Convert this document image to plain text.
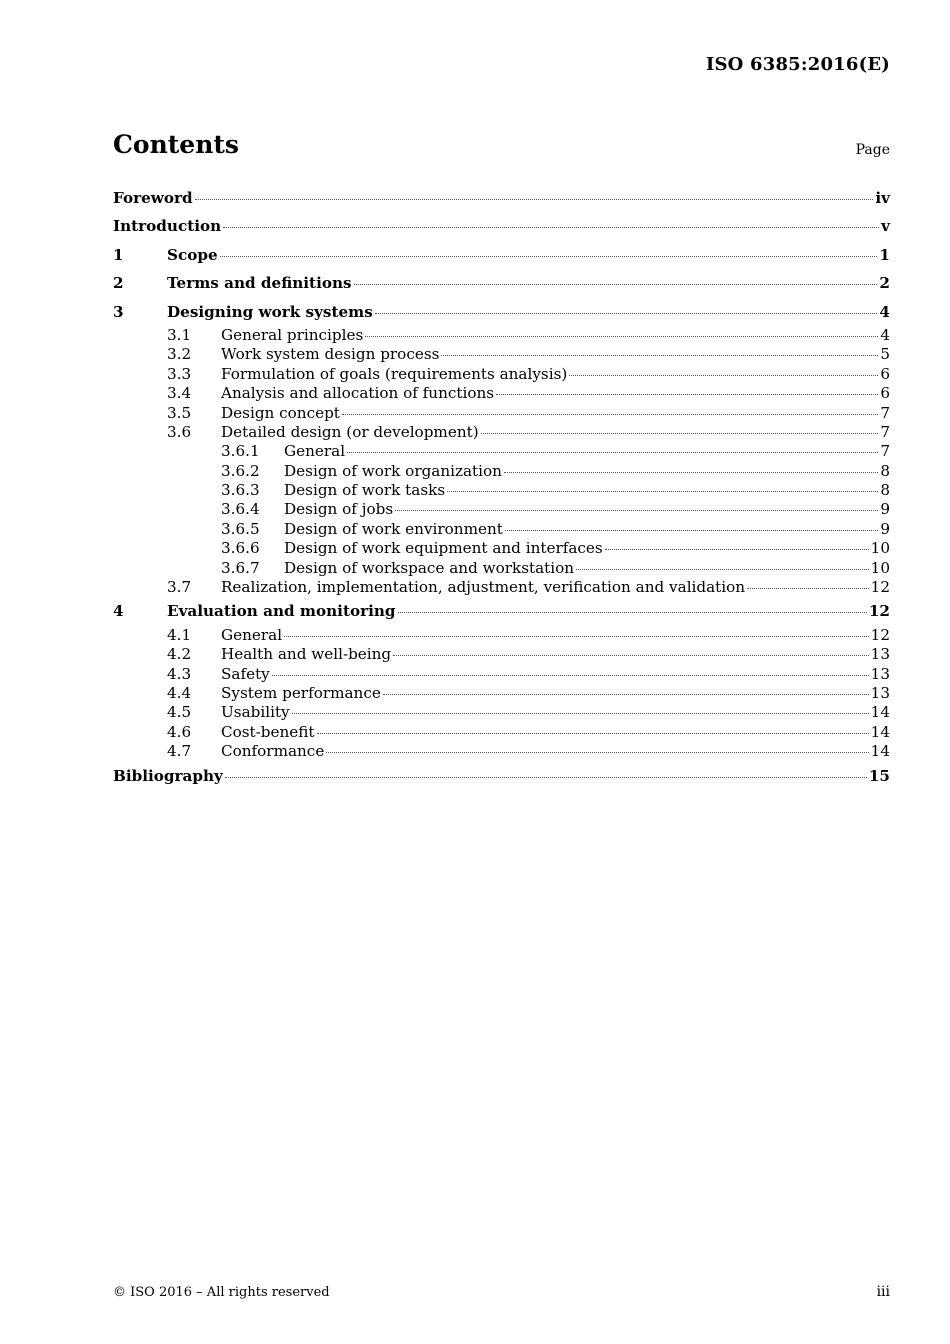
ISO 6385:2016(E)
Contents	Page
Foreword	iv
Introduction	v
1	Scope	1
2	Terms and definitions	2
3	Designing work systems	4
3.1	General principles	4
3.2	Work system design process	5
3.3	Formulation of goals (requirements analysis)	6
3.4	Analysis and allocation of functions	6
3.5	Design concept	7
3.6	Detailed design (or development)	7
3.6.1	General	7
3.6.2	Design of work organization	8
3.6.3	Design of work tasks	8
3.6.4	Design of jobs	9
3.6.5	Design of work environment	9
3.6.6	Design of work equipment and interfaces	10
3.6.7	Design of workspace and workstation	10
3.7	Realization, implementation, adjustment, verification and validation	12
4	Evaluation and monitoring	12
4.1	General	12
4.2	Health and well-being	13
4.3	Safety	13
4.4	System performance	13
4.5	Usability	14
4.6	Cost-benefit	14
4.7	Conformance	14
Bibliography	15
© ISO 2016 – All rights reserved	iii
